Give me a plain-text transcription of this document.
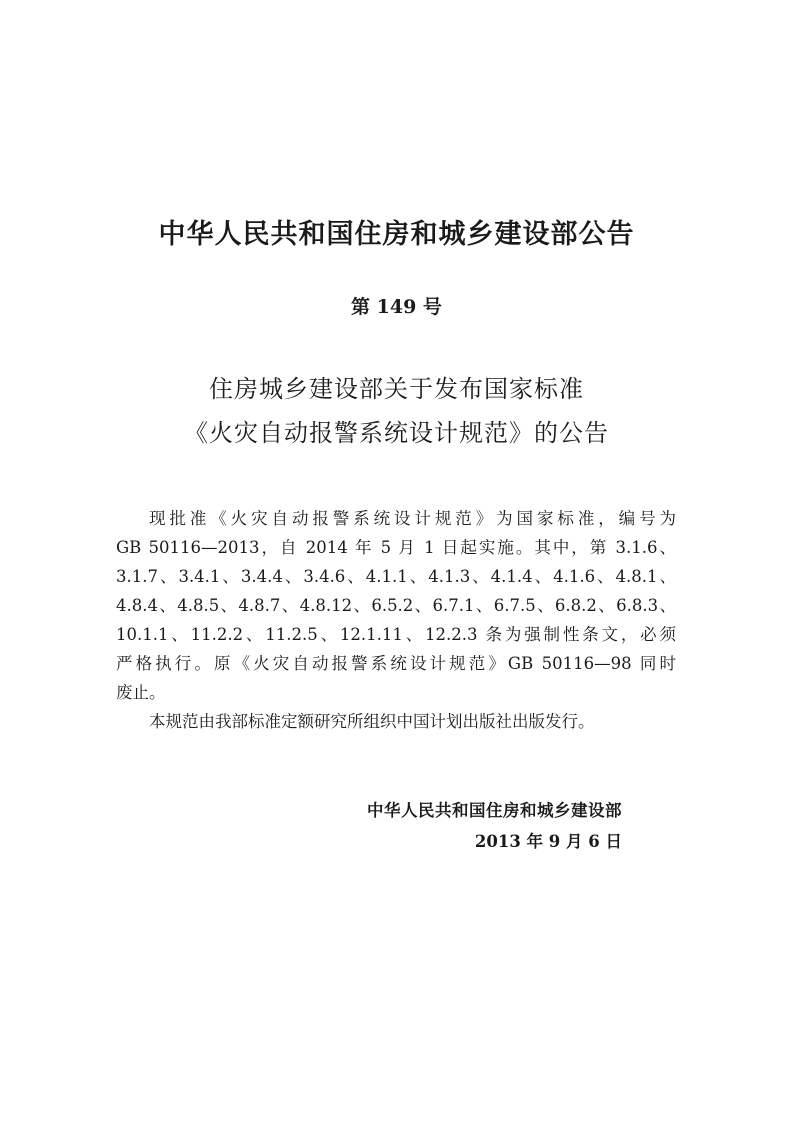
中华人民共和国住房和城乡建设部公告
第 149 号
住房城乡建设部关于发布国家标准
《火灾自动报警系统设计规范》的公告
现批准《火灾自动报警系统设计规范》为国家标准，编号为
GB 50116—2013，自 2014 年 5 月 1 日起实施。其中，第 3.1.6、
3.1.7、3.4.1、3.4.4、3.4.6、4.1.1、4.1.3、4.1.4、4.1.6、4.8.1、
4.8.4、4.8.5、4.8.7、4.8.12、6.5.2、6.7.1、6.7.5、6.8.2、6.8.3、
10.1.1、11.2.2、11.2.5、12.1.11、12.2.3 条为强制性条文，必须
严格执行。原《火灾自动报警系统设计规范》GB 50116—98 同时
废止。
本规范由我部标准定额研究所组织中国计划出版社出版发行。
中华人民共和国住房和城乡建设部
2013 年 9 月 6 日
